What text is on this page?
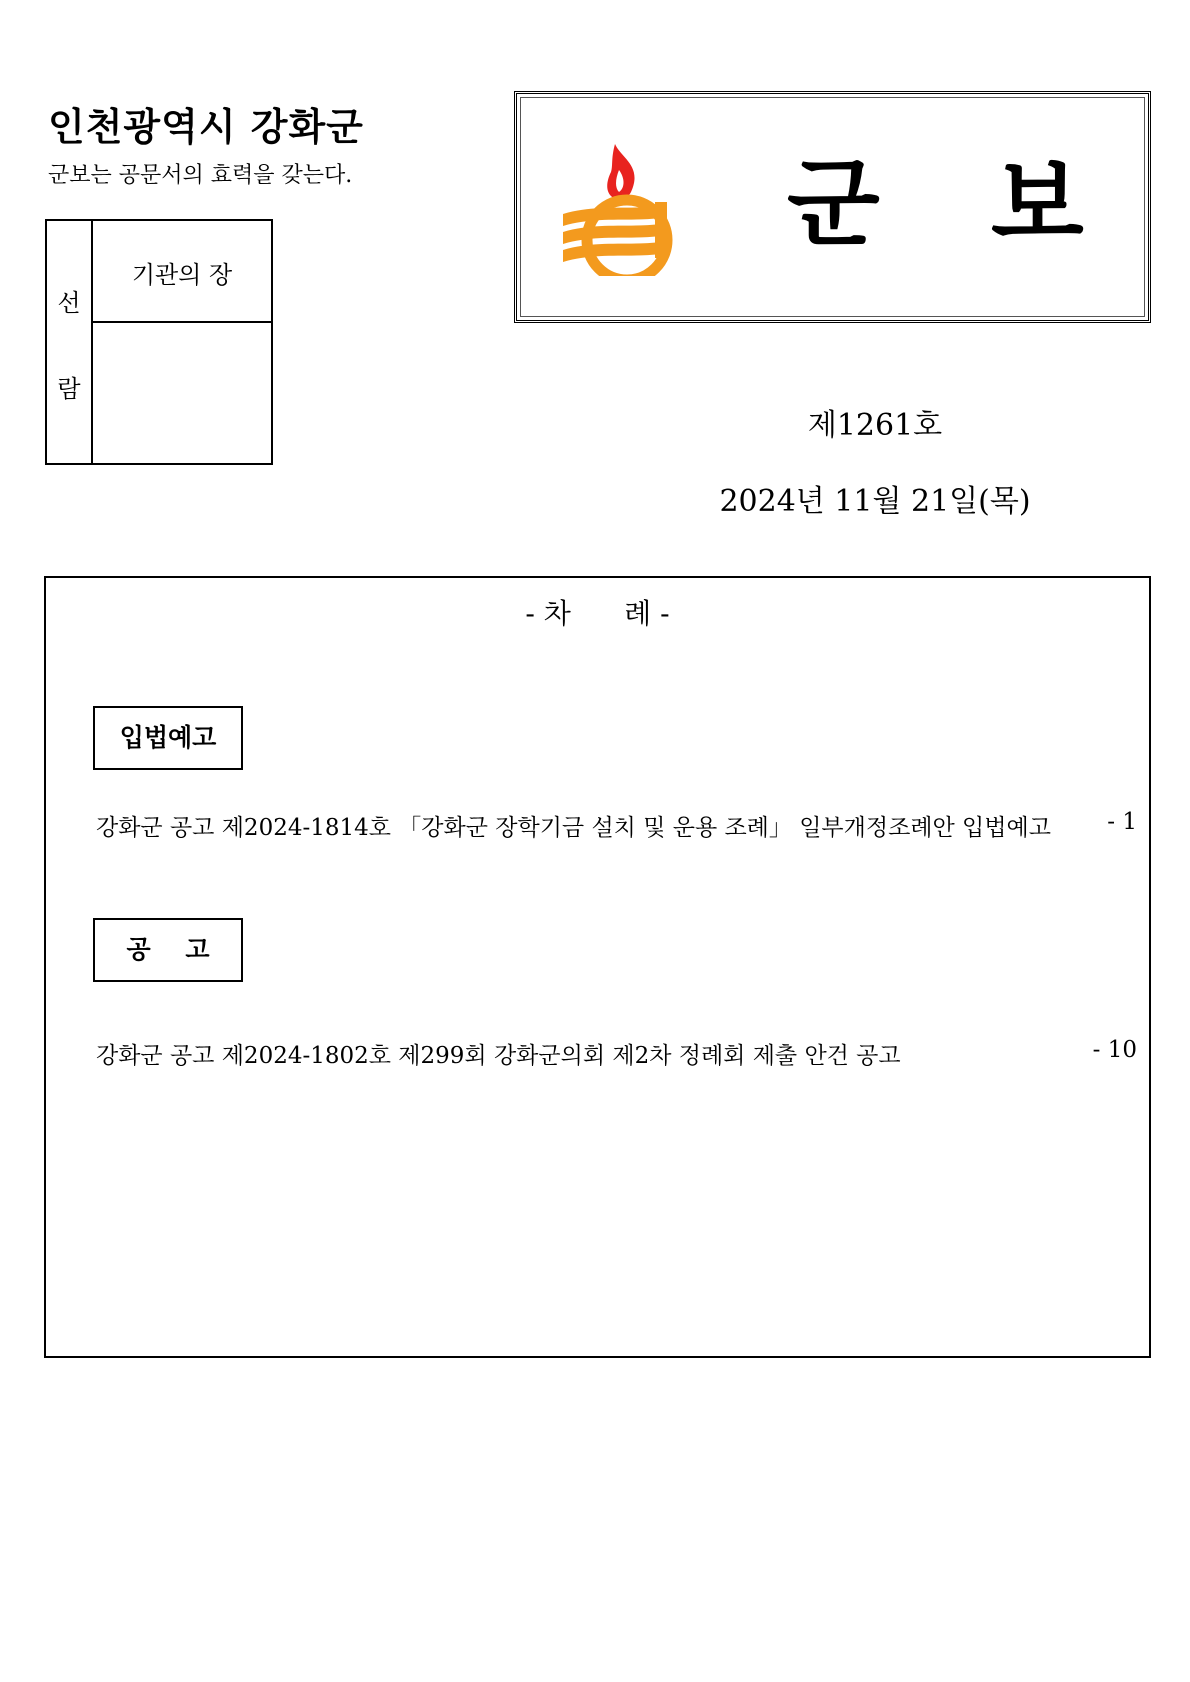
인천광역시 강화군
군보는 공문서의 효력을 갖는다.
선
람
기관의 장
군 보
제1261호
2024년 11월 21일(목)
- 차      례 -
입법예고
강화군 공고 제2024-1814호 「강화군 장학기금 설치 및 운용 조례」 일부개정조례안 입법예고 - 1
공    고
강화군 공고 제2024-1802호 제299회 강화군의회 제2차 정례회 제출 안건 공고	- 10
